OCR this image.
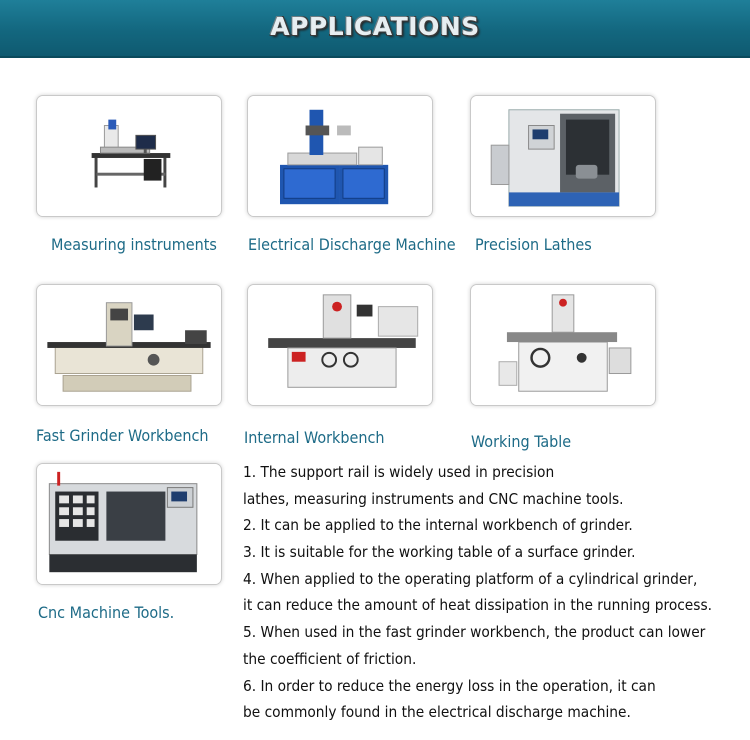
APPLICATIONS
Measuring instruments Electrical Discharge Machine Precision Lathes
Fast Grinder Workbench Internal Workbench	Working Table
Cnc Machine Tools.
1. The support rail is widely used in precision
lathes, measuring instruments and CNC machine tools.
2. It can be applied to the internal workbench of grinder.
3. It is suitable for the working table of a surface grinder.
4. When applied to the operating platform of a cylindrical grinder,
it can reduce the amount of heat dissipation in the running process.
5. When used in the fast grinder workbench, the product can lower
the coefficient of friction.
6. In order to reduce the energy loss in the operation, it can
be commonly found in the electrical discharge machine.
